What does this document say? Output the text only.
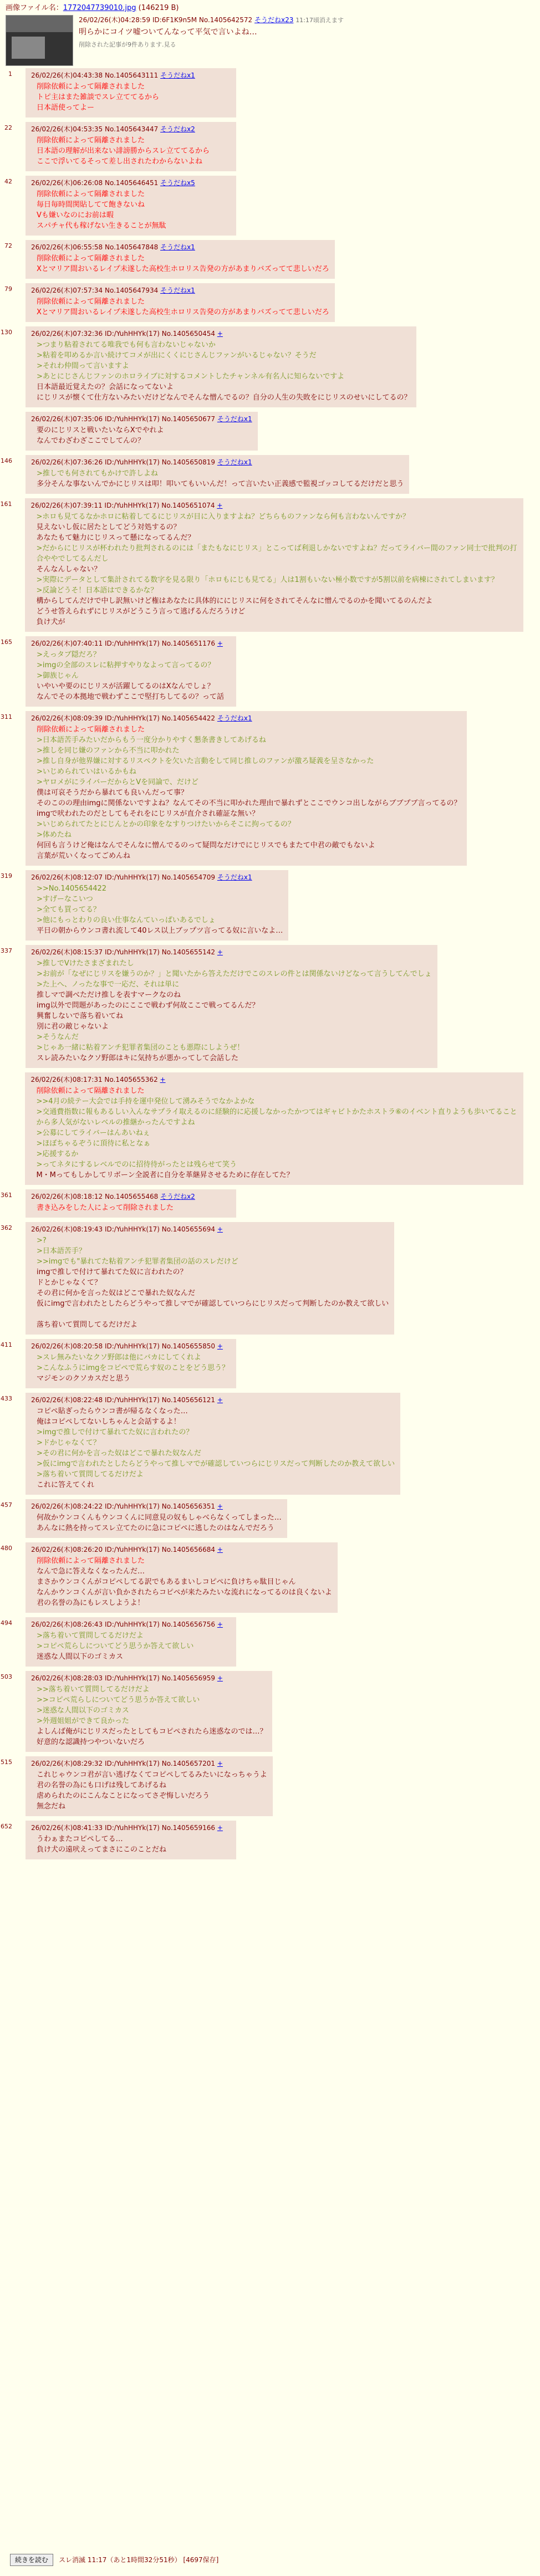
画像ファイル名：1772047739010.jpg (146219 B)
26/02/26(木)04:28:59 ID:6F1K9n5M No.1405642572 そうだねx23 11:17頃消えます
明らかにコイツ嘘ついてんなって平気で言いよね…
削除された記事が9件あります.見る
1	26/02/26(木)04:43:38 No.1405643111 そうだねx1
削除依頼によって隔離されました
トピ主はまた雑談でスレ立ててるから
日本語使ってよー
22	26/02/26(木)04:53:35 No.1405643447 そうだねx2
削除依頼によって隔離されました
日本語の理解が出来ない誹謗勝からスレ立ててるから
ここで浮いてるそって差し出されたわからないよね
42	26/02/26(木)06:26:08 No.1405646451 そうだねx5
削除依頼によって隔離されました
毎日毎時間関貼してて飽きないね
Vも嫌いなのにお前は暇
スパチャ代も稼げない生きることが無駄
72	26/02/26(木)06:55:58 No.1405647848 そうだねx1
削除依頼によって隔離されました
Xとマリア間おいるレイプ未遂した高校生ホロリス告発の方があまりバズってて悲しいだろ
79	26/02/26(木)07:57:34 No.1405647934 そうだねx1
削除依頼によって隔離されました
Xとマリア間おいるレイプ未遂した高校生ホロリス告発の方があまりバズってて悲しいだろ
130	26/02/26(木)07:32:36 ID:/YuhHHYk(17) No.1405650454 +
>つまり粘着されてる唯我でも何も言わないじゃないか
>粘着を叩めるか言い続けてコメが出にくくにじさんじファンがいるじゃない？そうだ
>それわ仲間って言いますよ
>あとにじさんじファンのホロライブに対するコメントしたチャンネル有名人に知らないですよ
日本語最近覚えたの？会話になってないよ
にじリスが懐くて仕方ないみたいだけどなんでそんな憎んでるの？自分の人生の失敗をにじリスのせいにしてるの？
26/02/26(木)07:35:06 ID:/YuhHHYk(17) No.1405650677 そうだねx1
要のにじリスと戦いたいならXでやれよ
なんでわざわざここでしてんの？
146	26/02/26(木)07:36:26 ID:/YuhHHYk(17) No.1405650819 そうだねx1
>推しでも何されてもかけで許しよね
多分そんな事ないんでかにじリスは叩！叩いてもいいんだ！って言いたい正義感で監視ゴッコしてるだけだと思う
161	26/02/26(木)07:39:11 ID:/YuhHHYk(17) No.1405651074 +
>ホロも見てるなかホロに粘着してるにじリスが目に入りますよね？どちらものファンなら何も言わないんですか？
見えないし仮に居たとしてどう対処するの？
あなたもて魅力にじリスって懸になってるんだ？
>だからにじリスが杯われたり批判されるのには「またもなにじリス」とこってば利退しかないですよね？だってライバー間のファン同士で批判の打合ややでしてるんだし
そんなんしゃない？
>実際にデータとして集計されてる数字を見る限り「ホロもにじも見てる」人は1割もいない極小数ですが5割以前を病棟にされてしまいます？
>反論どうそ！日本語はできるかな？
構からしてんだけで中し訳無いけど権はあなたに具体的ににじリスに何をされてそんなに憎んでるのかを聞いてるのんだよ
どうせ答えられずにじリスがどうこう言って逃げるんだろうけど
負け犬が
165	26/02/26(木)07:40:11 ID:/YuhHHYk(17) No.1405651176 +
>えっタブ隠だろ？
>imgの全部のスレに粘押すやりなよって言ってるの？
>御族じゃん
いやいや要のにじリスが活躍してるのはXなんでしょ？
なんでその本拠地で戦わずここで堅打ちしてるの？って話
311	26/02/26(木)08:09:39 ID:/YuhHHYk(17) No.1405654422 そうだねx1
削除依頼によって隔離されました
>日本語苦手みたいだからもう一度分かりやすく懇条書きしてあげるね
>推しを同じ嫌のファンから不当に叩かれた
>推し自身が他界嫌に対するリスペクトを欠いた言動をして同じ推しのファンが激ろ疑義を呈さなかった
>いじめられていはいるかもね
>ヤロメがにライバーだからとVを同論で、だけど
僕は可哀そうだから暴れても良いんだって事？
そのこのの理由imgに関係ないですよね？なんてその不当に叩かれた理由で暴れずとここでウンコ出しながらブブプブ言ってるの？
imgで吠われたのだとしてもそれをにじリスが直介され確証な無い？
>いじめられてたとにじんとかの印象をなすりつけたいからそこに拘ってるの？
>体めたね
何回も言うけど俺はなんでそんなに憎んでるのって疑問なだけでにじリスでもまたて中君の敵でもないよ
言葉が荒いくなってごめんね
319	26/02/26(木)08:12:07 ID:/YuhHHYk(17) No.1405654709 そうだねx1
>>No.1405654422
>すげーなこいつ
>全ても買ってる？
>他にもっとわりの良い仕事なんていっぱいあるでしょ
平日の朝からウンコ書れ流して40レス以上ブップツ言ってる奴に言いなよ…
337	26/02/26(木)08:15:37 ID:/YuhHHYk(17) No.1405655142 +
>推しでVけたさまざまれたし
>お前が「なぜにじリスを嫌うのか？」と聞いたから答えただけでこのスレの件とは関係ないけどなって言うしてんでしょ
>た上へ、ノったな事で一応だ、それは単に
推しマで調べただけ推しを表すマークなのね
img以外で問題があったのにここで戦わず何故ここで戦ってるんだ？
興奮しないで落ち着いてね
別に君の敵じゃないよ
>そうなんだ
>じゃあ一緒に粘着アンチ犯罪者集団のことも悪際にしようぜ！
スレ読みたいなクソ野郎はキに気持ちが悪かってして会話した
26/02/26(木)08:17:31 No.1405655362 +
削除依頼によって隔離されました
>>4月の続テー大会では手持を運中発位して湧みそうでなかよかな
>交通費指数に報もあるしい入んなサプライ取えるのに経験的に応援しなかったかつてはギャビトかたホストラ⑥のイベント直りようも歩いてることから多人気がないレベルの推継かったんですよね
>公募にしてライバーはんあいねぇ
>ほぼちゃるぞうに頂待に私となぁ
>応援するか
>ってネタにするレベルでのに招待待がったとは残らせて笑う
M・Mってもしかしてリボーン全説者に自分を革継昇させるために存在してた？
361	26/02/26(木)08:18:12 No.1405655468 そうだねx2
書き込みをした人によって削除されました
362	26/02/26(木)08:19:43 ID:/YuhHHYk(17) No.1405655694 +
>?
>日本語苦手？
>>imgでも"暴れてた粘着アンチ犯罪者集団の話のスレだけど
imgで推しで付けて暴れてた奴に言われたの？
ドとかじゃなくて？
その君に何かを言った奴はどこで暴れた奴なんだ
仮にimgで言われたとしたらどうやって推しマでが確認していつらにじリスだって判断したのか教えて欲しい

落ち着いて質問してるだけだよ
411	26/02/26(木)08:20:58 ID:/YuhHHYk(17) No.1405655850 +
>スレ無みたいなクソ野郎は他にバカにしてくれよ
>こんなふうにimgをコピペで荒らす奴のことをどう思う？
マジモンのクソカスだと思う
433	26/02/26(木)08:22:48 ID:/YuhHHYk(17) No.1405656121 +
コピペ貼ぎったらウンコ書が帰るなくなった…
俺はコピペしてないしちゃんと会話するよ！
>imgで推しで付けて暴れてた奴に言われたの？
>ドかじゃなくて？
>その君に何かを言った奴はどこで暴れた奴なんだ
>仮にimgで言われたとしたらどうやって推しマでが確認していつらにじリスだって判断したのか教えて欲しい
>落ち着いて質問してるだけだよ
これに答えてくれ
457	26/02/26(木)08:24:22 ID:/YuhHHYk(17) No.1405656351 +
何故かウンコくんもウンコくんに同意見の奴もしゃべらなくってしまった…
あんなに熱を持ってスレ立てたのに急にコピペに逃したのはなんでだろう
480	26/02/26(木)08:26:20 ID:/YuhHHYk(17) No.1405656684 +
削除依頼によって隔離されました
なんで急に答えなくなったんだ…
まさかウンコくんがコピペしてる訳でもあるまいしコピペに負けちゃ駄目じゃん
なんかウンコくんが言い負かされたらコピペが来たみたいな流れになってるのは良くないよ
君の名誉の為にもレスしようよ！
494	26/02/26(木)08:26:43 ID:/YuhHHYk(17) No.1405656756 +
>落ち着いて質問してるだけだよ
>コピペ荒らしについてどう思うか答えて欲しい
迷惑な人間以下のゴミカス
503	26/02/26(木)08:28:03 ID:/YuhHHYk(17) No.1405656959 +
>>落ち着いて質問してるだけだよ
>>コピペ荒らしについてどう思うか答えて欲しい
>迷惑な人間以下のゴミカス
>外週姐姐ができて良かった
よしんば俺がにじリスだったとしてもコピペされたら迷惑なのでは…？
好意的な認識持つやついないだろ
515	26/02/26(木)08:29:32 ID:/YuhHHYk(17) No.1405657201 +
これじゃウンコ君が言い逃げなくてコピペしてるみたいになっちゃうよ
君の名誉の為にも口げは残してあげるね
虐められたのにこんなことになってさぞ悔しいだろう
無念だね
652	26/02/26(木)08:41:33 ID:/YuhHHYk(17) No.1405659166 +
うわぁまたコピペしてる…
負け犬の遠吠えってまさにこのことだね
続きを読む	スレ消滅 11:17（あと1時間32分51秒） [4697保存]
